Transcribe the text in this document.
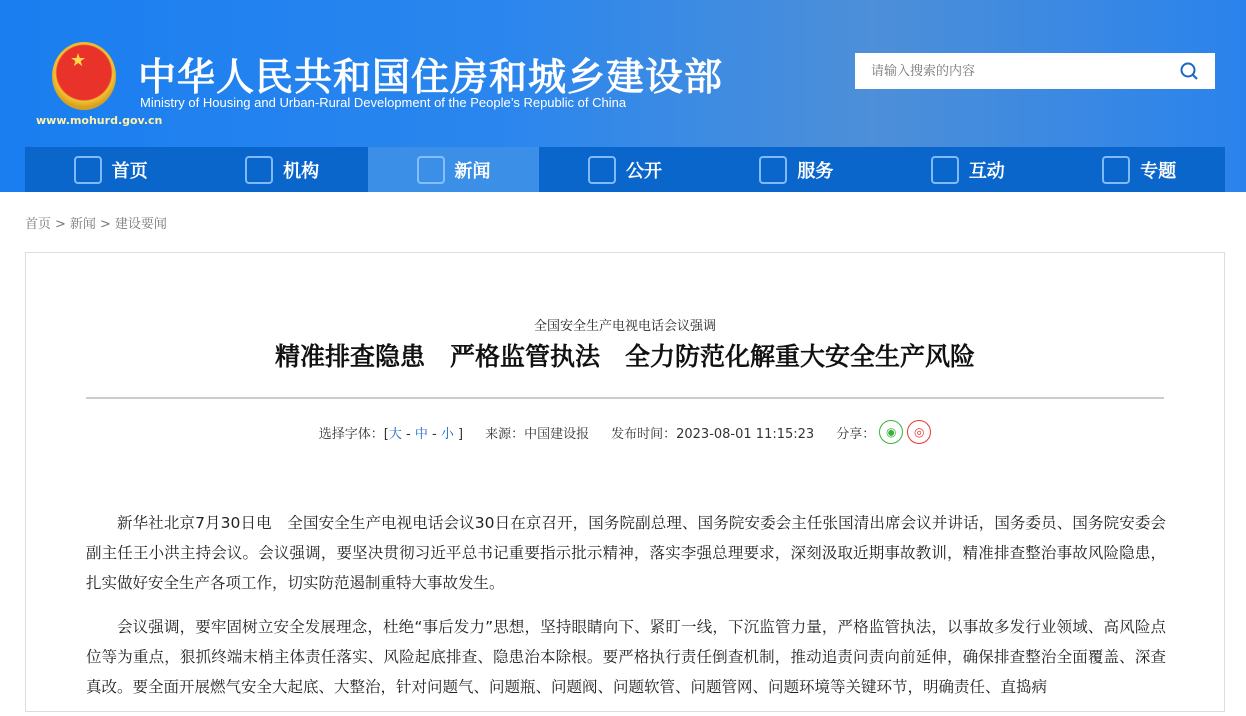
★
www.mohurd.gov.cn
中华人民共和国住房和城乡建设部
Ministry of Housing and Urban-Rural Development of the People’s Republic of China
请输入搜索的内容
首页	机构	新闻	公开	服务	互动	专题
首页 > 新闻 > 建设要闻
全国安全生产电视电话会议强调
精准排查隐患　严格监管执法　全力防范化解重大安全生产风险
选择字体：[大 - 中 - 小 ] 来源：中国建设报 发布时间：2023-08-01 11:15:23 分享： ◉	◎

新华社北京7月30日电　全国安全生产电视电话会议30日在京召开，国务院副总理、国务院安委会主任张国清出席会议并讲话，国务委员、国务院安委会副主任王小洪主持会议。会议强调，要坚决贯彻习近平总书记重要指示批示精神，落实李强总理要求，深刻汲取近期事故教训，精准排查整治事故风险隐患，扎实做好安全生产各项工作，切实防范遏制重特大事故发生。

会议强调，要牢固树立安全发展理念，杜绝“事后发力”思想，坚持眼睛向下、紧盯一线，下沉监管力量，严格监管执法，以事故多发行业领域、高风险点位等为重点，狠抓终端末梢主体责任落实、风险起底排查、隐患治本除根。要严格执行责任倒查机制，推动追责问责向前延伸，确保排查整治全面覆盖、深查真改。要全面开展燃气安全大起底、大整治，针对问题气、问题瓶、问题阀、问题软管、问题管网、问题环境等关键环节，明确责任、直捣病
